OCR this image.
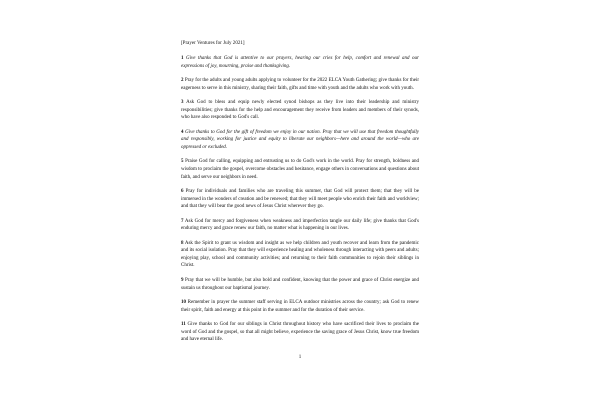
[Prayer Ventures for July 2021]

1 Give thanks that God is attentive to our prayers, hearing our cries for help, comfort and renewal and our expressions of joy, mourning, praise and thanksgiving.

2 Pray for the adults and young adults applying to volunteer for the 2022 ELCA Youth Gathering; give thanks for their eagerness to serve in this ministry, sharing their faith, gifts and time with youth and the adults who work with youth.

3 Ask God to bless and equip newly elected synod bishops as they live into their leadership and ministry responsibilities; give thanks for the help and encouragement they receive from leaders and members of their synods, who have also responded to God's call.

4 Give thanks to God for the gift of freedom we enjoy in our nation. Pray that we will use that freedom thoughtfully and responsibly, working for justice and equity to liberate our neighbors—here and around the world—who are oppressed or excluded.

5 Praise God for calling, equipping and entrusting us to do God's work in the world. Pray for strength, boldness and wisdom to proclaim the gospel, overcome obstacles and hesitance, engage others in conversations and questions about faith, and serve our neighbors in need.

6 Pray for individuals and families who are traveling this summer, that God will protect them; that they will be immersed in the wonders of creation and be renewed; that they will meet people who enrich their faith and worldview; and that they will bear the good news of Jesus Christ wherever they go.

7 Ask God for mercy and forgiveness when weakness and imperfection tangle our daily life; give thanks that God's enduring mercy and grace renew our faith, no matter what is happening in our lives.

8 Ask the Spirit to grant us wisdom and insight as we help children and youth recover and learn from the pandemic and its social isolation. Pray that they will experience healing and wholeness through interacting with peers and adults; enjoying play, school and community activities; and returning to their faith communities to rejoin their siblings in Christ.

9 Pray that we will be humble, but also bold and confident, knowing that the power and grace of Christ energize and sustain us throughout our baptismal journey.

10 Remember in prayer the summer staff serving in ELCA outdoor ministries across the country; ask God to renew their spirit, faith and energy at this point in the summer and for the duration of their service.

11 Give thanks to God for our siblings in Christ throughout history who have sacrificed their lives to proclaim the word of God and the gospel, so that all might believe, experience the saving grace of Jesus Christ, know true freedom and have eternal life.

1
